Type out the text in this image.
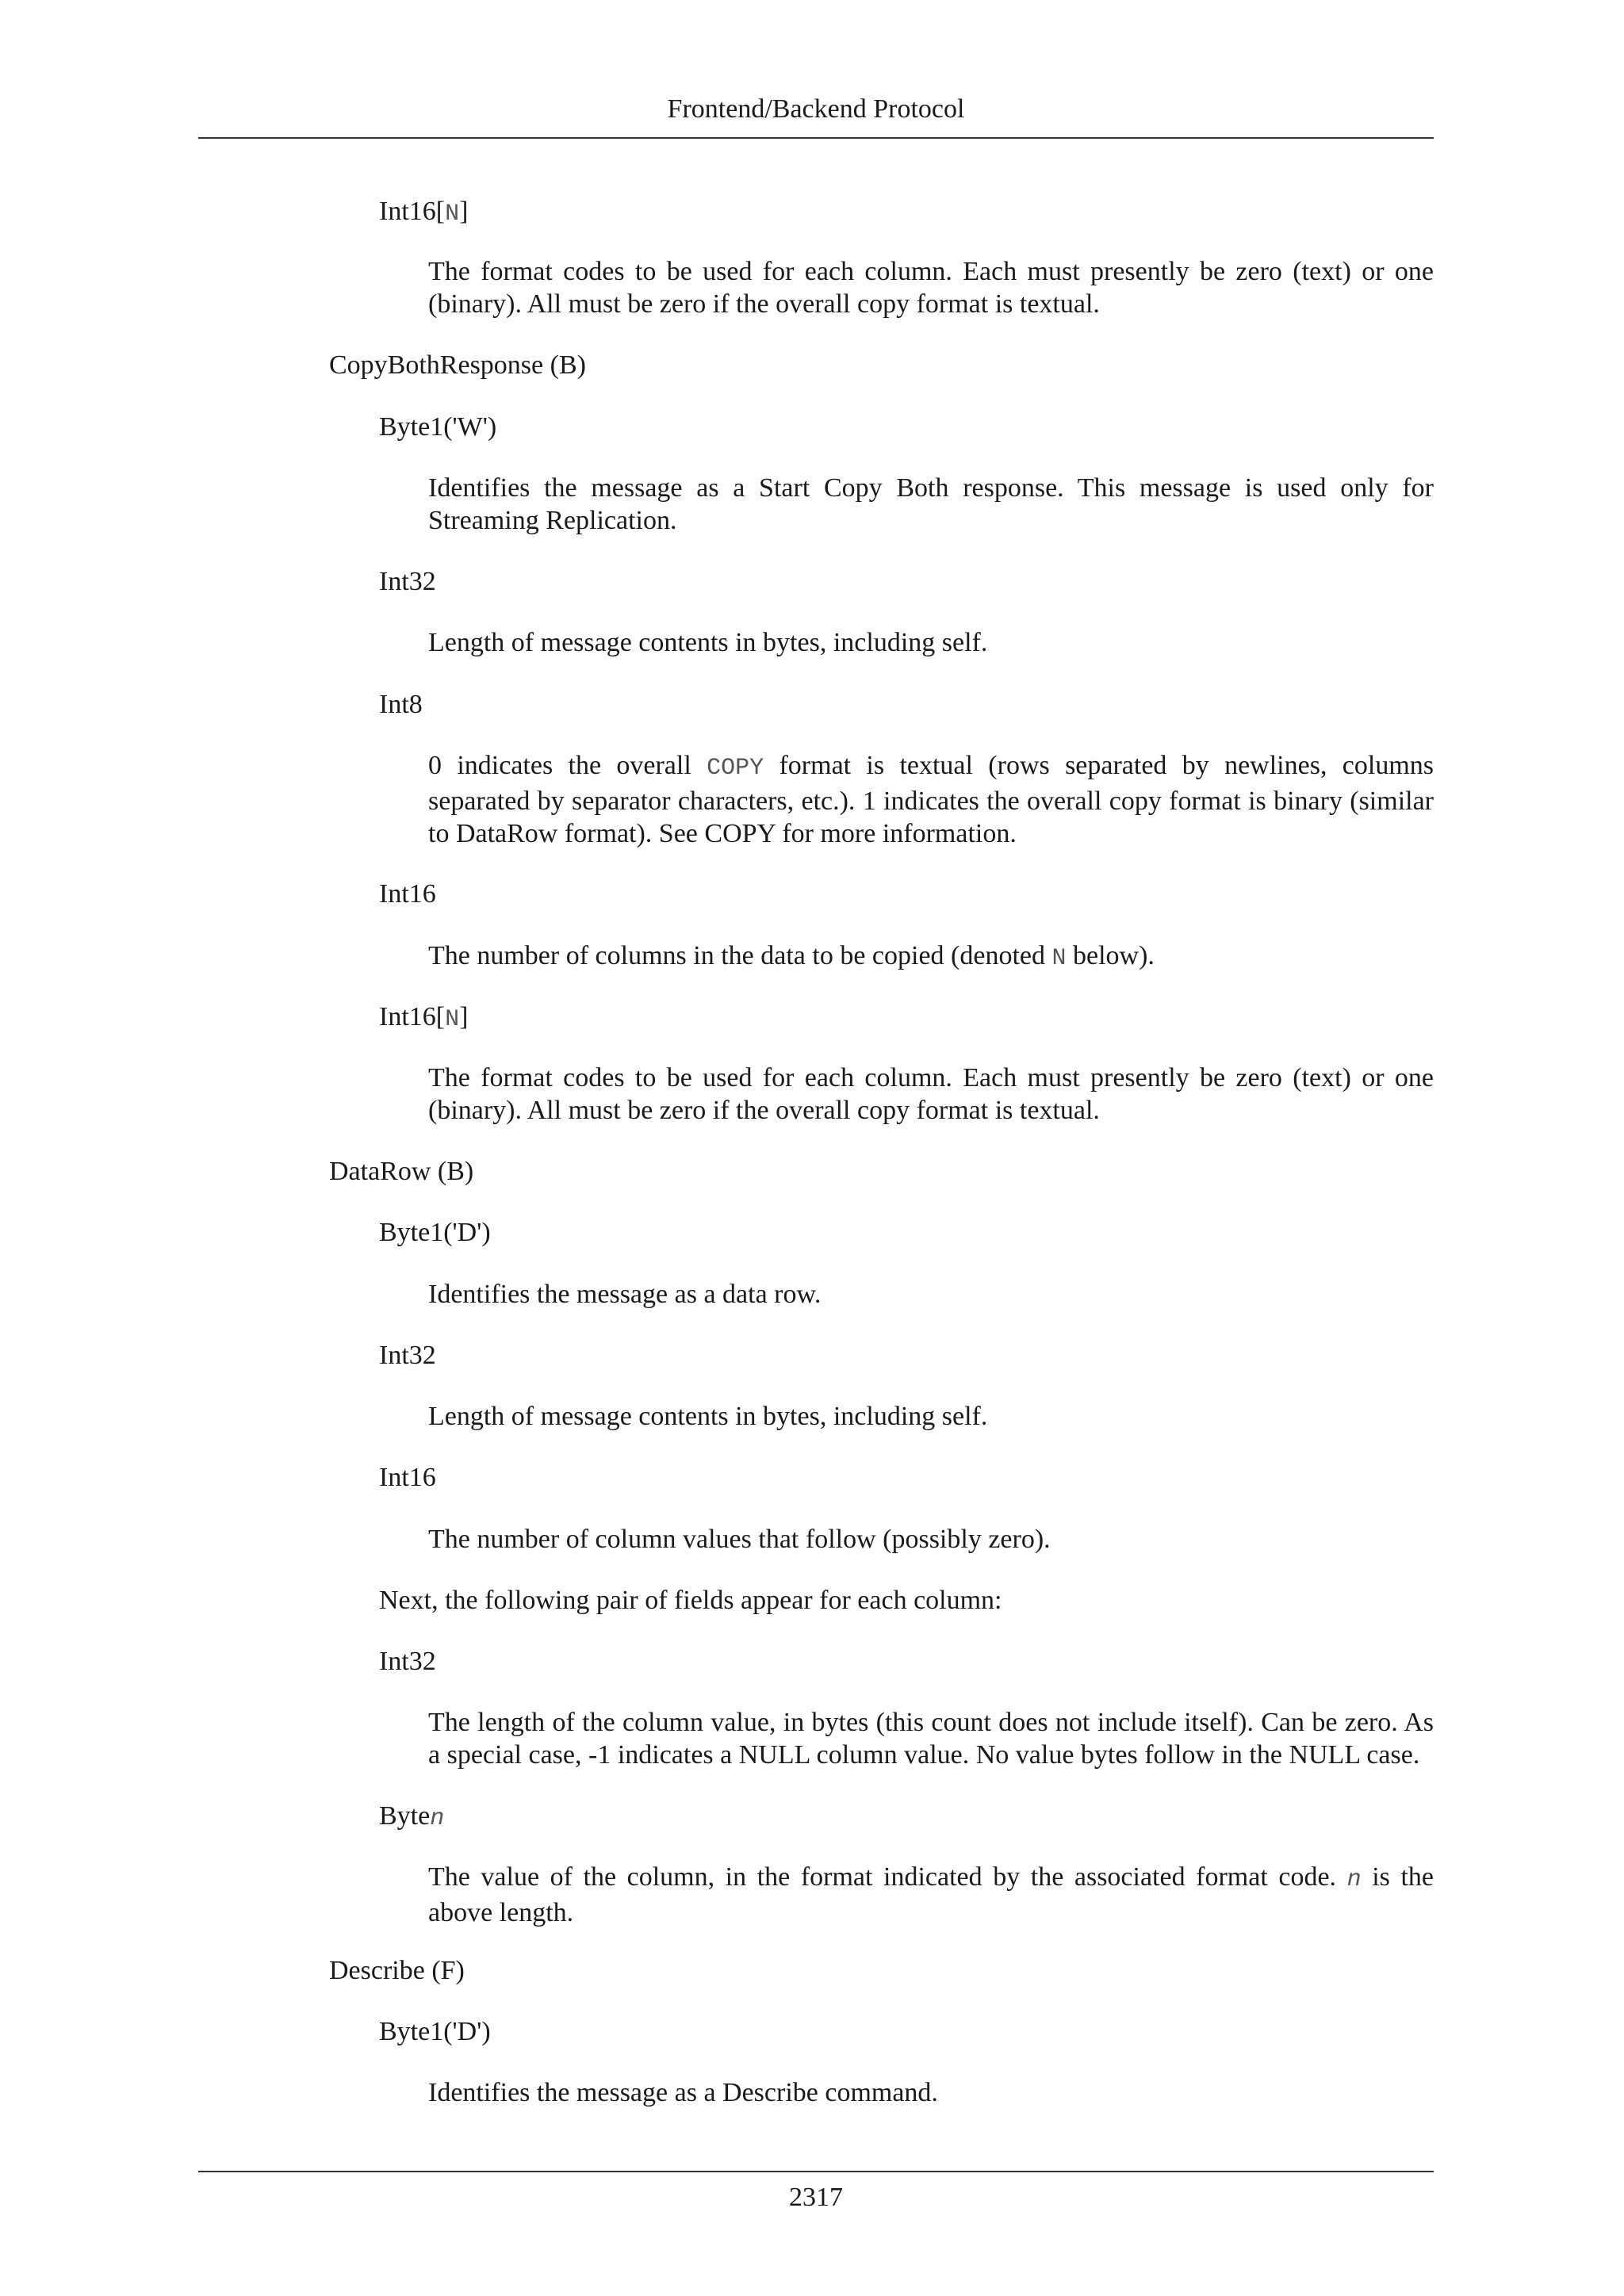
Frontend/Backend Protocol

Int16[N]

The format codes to be used for each column. Each must presently be zero (text) or one (binary). All must be zero if the overall copy format is textual.

CopyBothResponse (B)

Byte1('W')

Identifies the message as a Start Copy Both response. This message is used only for Streaming Replication.

Int32

Length of message contents in bytes, including self.

Int8

0 indicates the overall COPY format is textual (rows separated by newlines, columns separated by separator characters, etc.). 1 indicates the overall copy format is binary (similar to DataRow format). See COPY for more information.

Int16

The number of columns in the data to be copied (denoted N below).

Int16[N]

The format codes to be used for each column. Each must presently be zero (text) or one (binary). All must be zero if the overall copy format is textual.

DataRow (B)

Byte1('D')

Identifies the message as a data row.

Int32

Length of message contents in bytes, including self.

Int16

The number of column values that follow (possibly zero).

Next, the following pair of fields appear for each column:

Int32

The length of the column value, in bytes (this count does not include itself). Can be zero. As a special case, -1 indicates a NULL column value. No value bytes follow in the NULL case.

Byten

The value of the column, in the format indicated by the associated format code. n is the above length.

Describe (F)

Byte1('D')

Identifies the message as a Describe command.

2317
